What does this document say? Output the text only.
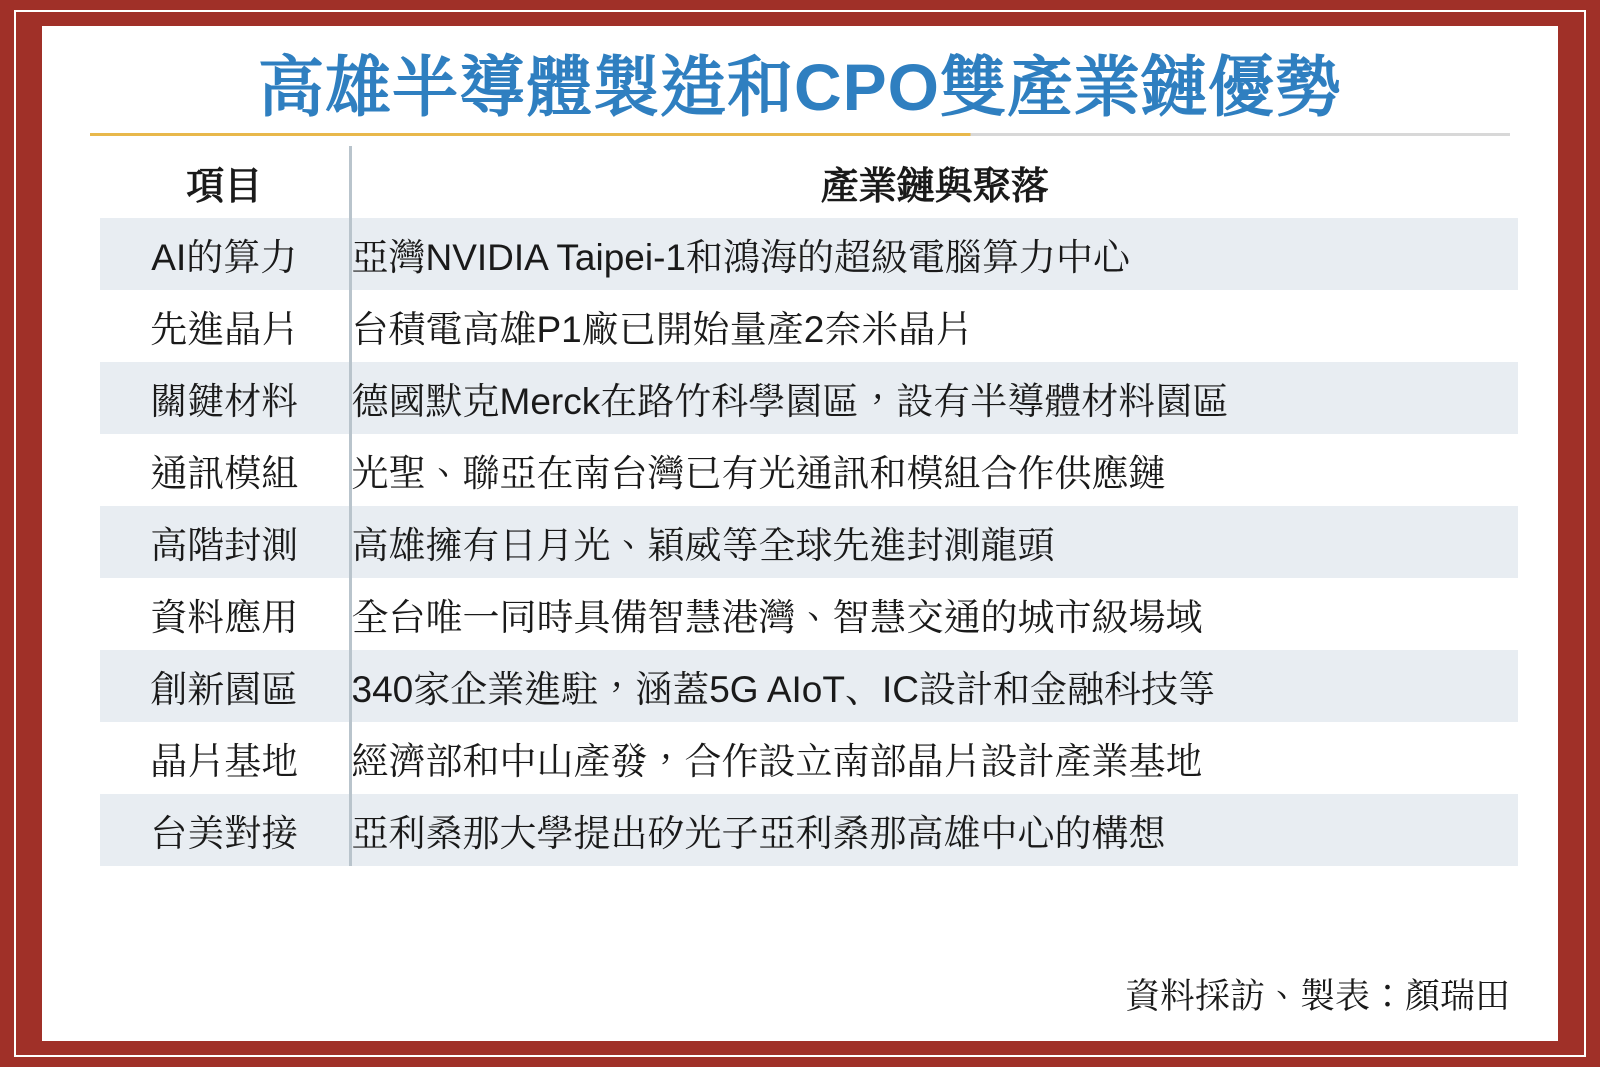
高雄半導體製造和CPO雙產業鏈優勢
項目	產業鏈與聚落
AI的算力	亞灣NVIDIA Taipei-1和鴻海的超級電腦算力中心
先進晶片	台積電高雄P1廠已開始量產2奈米晶片
關鍵材料	德國默克Merck在路竹科學園區，設有半導體材料園區
通訊模組	光聖、聯亞在南台灣已有光通訊和模組合作供應鏈
高階封測	高雄擁有日月光、穎威等全球先進封測龍頭
資料應用	全台唯一同時具備智慧港灣、智慧交通的城市級場域
創新園區	340家企業進駐，涵蓋5G AIoT、IC設計和金融科技等
晶片基地	經濟部和中山產發，合作設立南部晶片設計產業基地
台美對接	亞利桑那大學提出矽光子亞利桑那高雄中心的構想
資料採訪、製表：顏瑞田
